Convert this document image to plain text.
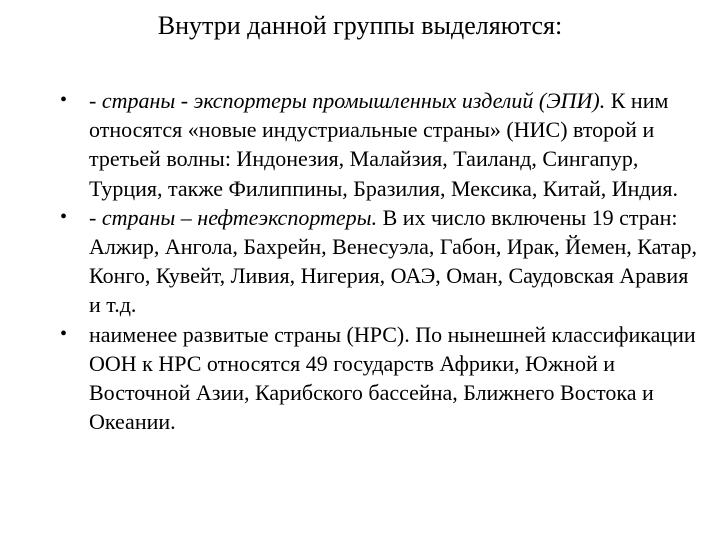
Внутри данной группы выделяются:
• - страны - экспортеры промышленных изделий (ЭПИ). К ним относятся «новые индустриальные страны» (НИС) второй и третьей волны: Индонезия, Малайзия, Таиланд, Сингапур, Турция, также Филиппины, Бразилия, Мексика, Китай, Индия.
• - страны – нефтеэкспортеры. В их число включены 19 стран: Алжир, Ангола, Бахрейн, Венесуэла, Габон, Ирак, Йемен, Катар, Конго, Кувейт, Ливия, Нигерия, ОАЭ, Оман, Саудовская Аравия и т.д.
• наименее развитые страны (НРС). По нынешней классификации ООН к НРС относятся 49 государств Африки, Южной и Восточной Азии, Карибского бассейна, Ближнего Востока и Океании.
